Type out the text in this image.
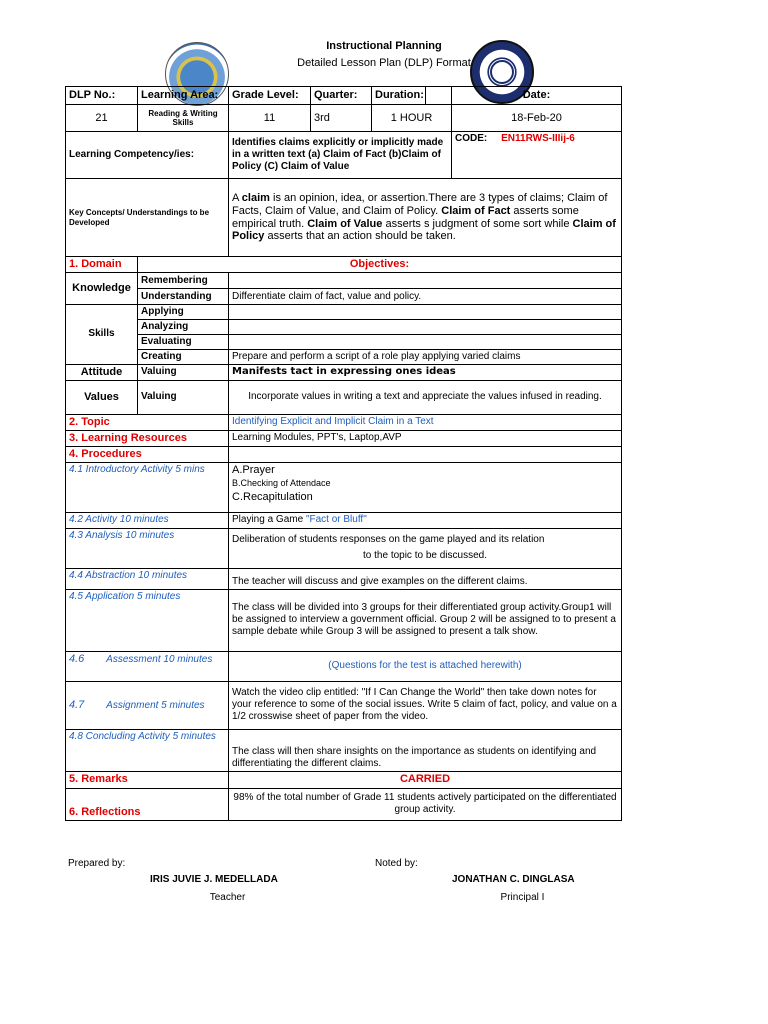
Instructional Planning
Detailed Lesson Plan (DLP) Format
DLP No.:	Learning Area:	Grade Level:	Quarter:	Duration:		Date:
21	Reading & Writing Skills	11	3rd	1 HOUR		18-Feb-20
Learning Competency/ies:		Identifies claims explicitly or implicitly made in a written text (a) Claim of Fact (b)Claim of Policy (C) Claim of Value				CODE: EN11RWS-IIIij-6
Key Concepts/ Understandings to be Developed		A claim is an opinion, idea, or assertion.There are 3 types of claims; Claim of Facts, Claim of Value, and Claim of Policy. Claim of Fact asserts some empirical truth. Claim of Value asserts s judgment of some sort while Claim of Policy asserts that an action should be taken.				
1. Domain	Objectives:					
Knowledge	Remembering					
	Understanding	Differentiate claim of fact, value and policy.				
Skills	Applying					
	Analyzing					
	Evaluating					
	Creating	Prepare and perform a script of a role play applying varied claims				
Attitude	Valuing	Manifests tact in expressing ones ideas				
Values	Valuing	Incorporate values in writing a text and appreciate the values infused in reading.				
2. Topic		Identifying Explicit and Implicit Claim in a Text				
3. Learning Resources		Learning Modules, PPT's, Laptop,AVP				
4. Procedures						
4.1 Introductory Activity 5 mins		A.Prayer
B.Checking of Attendace
C.Recapitulation				

4.2 Activity 10 minutes		Playing a Game "Fact or Bluff"				
4.3 Analysis 10 minutes		Deliberation of students responses on the game played and its relation
to the topic to be discussed.				

4.4 Abstraction 10 minutes		The teacher will discuss and give examples on the different claims.				
4.5 Application 5 minutes		The class will be divided into 3 groups for their differentiated group activity.Group1 will be assigned to interview a government official. Group 2 will be assigned to to present a sample debate while Group 3 will be assigned to present a talk show.				
4.6 Assessment 10 minutes		(Questions for the test is attached herewith)				
4.7 Assignment 5 minutes		Watch the video clip entitled: "If I Can Change the World" then take down notes for your reference to some of the social issues. Write 5 claim of fact, policy, and value on a 1/2 crosswise sheet of paper from the video.				
4.8 Concluding Activity 5 minutes		The class will then share insights on the importance as students on identifying and differentiating the different claims.				
5. Remarks		CARRIED				
6. Reflections		98% of the total number of Grade 11 students actively participated on the differentiated group activity.				
Prepared by:
IRIS JUVIE J. MEDELLADA
Teacher
Noted by:
JONATHAN C. DINGLASA
Principal I
